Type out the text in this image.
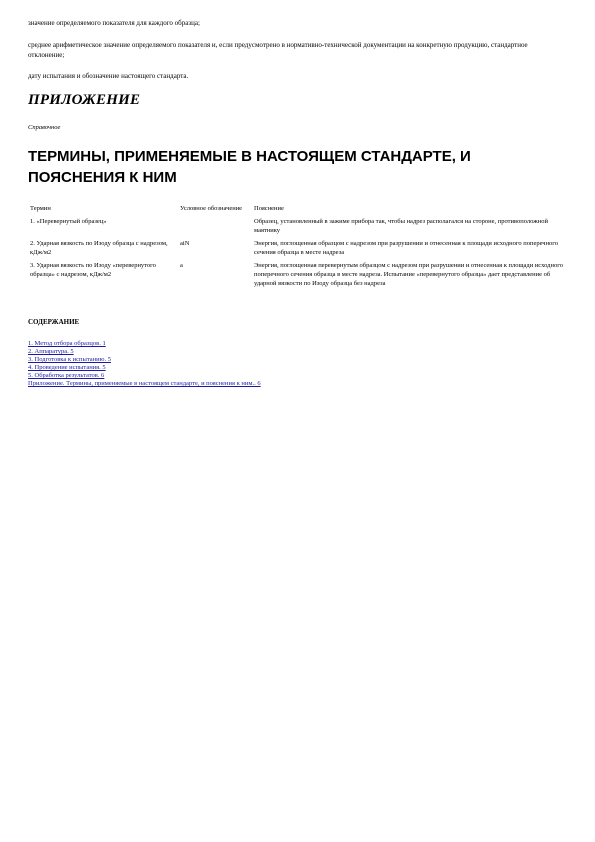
значение определяемого показателя для каждого образца;

среднее арифметическое значение определяемого показателя и, если предусмотрено в нормативно-технической документации на конкретную продукцию, стандартное отклонение;

дату испытания и обозначение настоящего стандарта.

ПРИЛОЖЕНИЕ
Справочное
ТЕРМИНЫ, ПРИМЕНЯЕМЫЕ В НАСТОЯЩЕМ СТАНДАРТЕ, И ПОЯСНЕНИЯ К НИМ
Термин	Условное обозначение	Пояснение
1. «Перевернутый образец»		Образец, установленный в зажиме прибора так, чтобы надрез располагался на стороне, противоположной маятнику
2. Ударная вязкость по Изоду образца с надрезом, кДж/м2	aiN	Энергия, поглощенная образцом с надрезом при разрушении и отнесенная к площади исходного поперечного сечения образца в месте надреза
3. Ударная вязкость по Изоду «перевернутого образца» с надрезом, кДж/м2	a	Энергия, поглощенная перевернутым образцом с надрезом при разрушении и отнесенная к площади исходного поперечного сечения образца в месте надреза. Испытание «перевернутого образца» дает представление об ударной вязкости по Изоду образца без надреза
СОДЕРЖАНИЕ
1. Метод отбора образцов. 1
2. Аппаратура. 5
3. Подготовка к испытанию. 5
4. Проведение испытания. 5
5. Обработка результатов. 6
Приложение. Термины, применяемые в настоящем стандарте, и пояснения к ним.. 6
